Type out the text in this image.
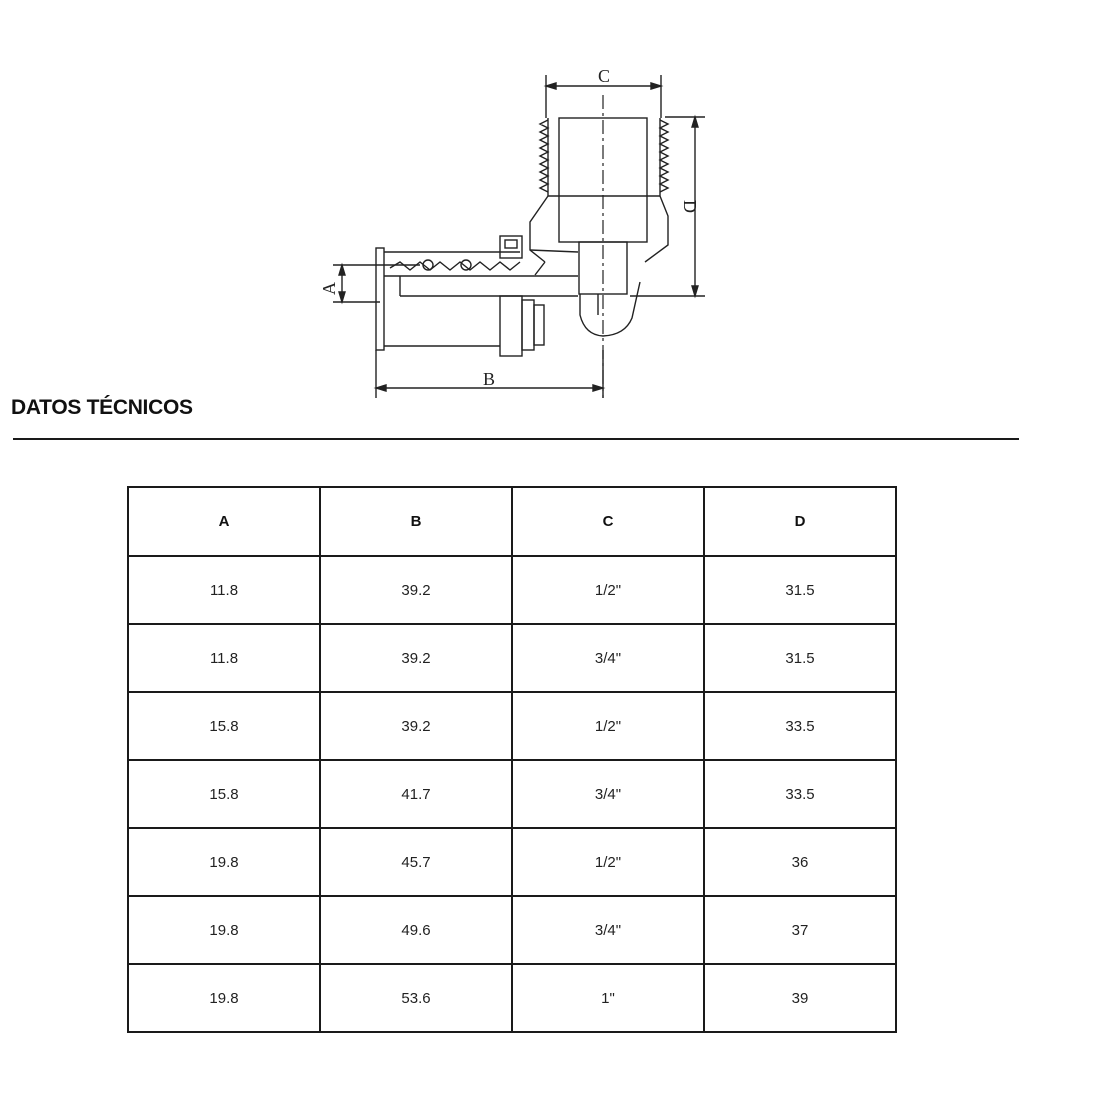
C
D
A
B
DATOS TÉCNICOS
A	B	C	D
11.8	39.2	1/2"	31.5
11.8	39.2	3/4"	31.5
15.8	39.2	1/2"	33.5
15.8	41.7	3/4"	33.5
19.8	45.7	1/2"	36
19.8	49.6	3/4"	37
19.8	53.6	1"	39
